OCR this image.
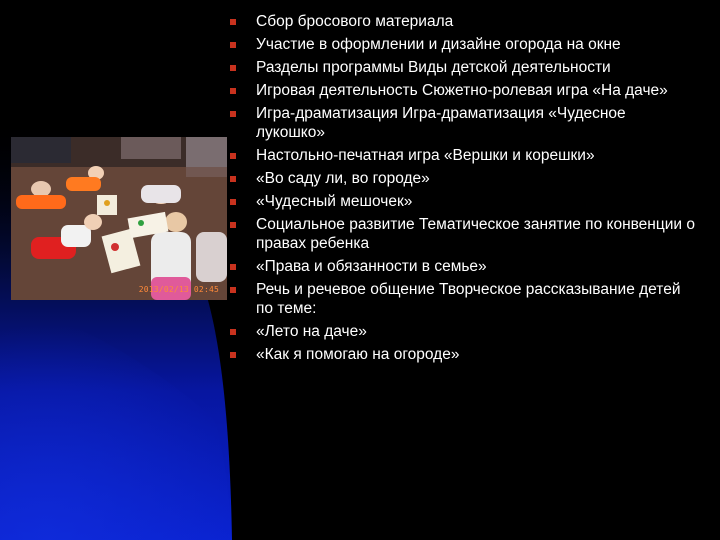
2013/02/13 02:45
Сбор бросового материала
Участие в оформлении и дизайне огорода на окне
Разделы программы Виды детской деятельности
Игровая деятельность Сюжетно-ролевая игра «На даче»
Игра-драматизация Игра-драматизация «Чудесное лукошко»
Настольно-печатная игра «Вершки и корешки»
«Во саду ли, во городе»
«Чудесный мешочек»
Социальное развитие Тематическое занятие по конвенции о правах ребенка
«Права и обязанности в семье»
Речь и речевое общение Творческое рассказывание детей по теме:
«Лето на даче»
«Как я помогаю на огороде»
